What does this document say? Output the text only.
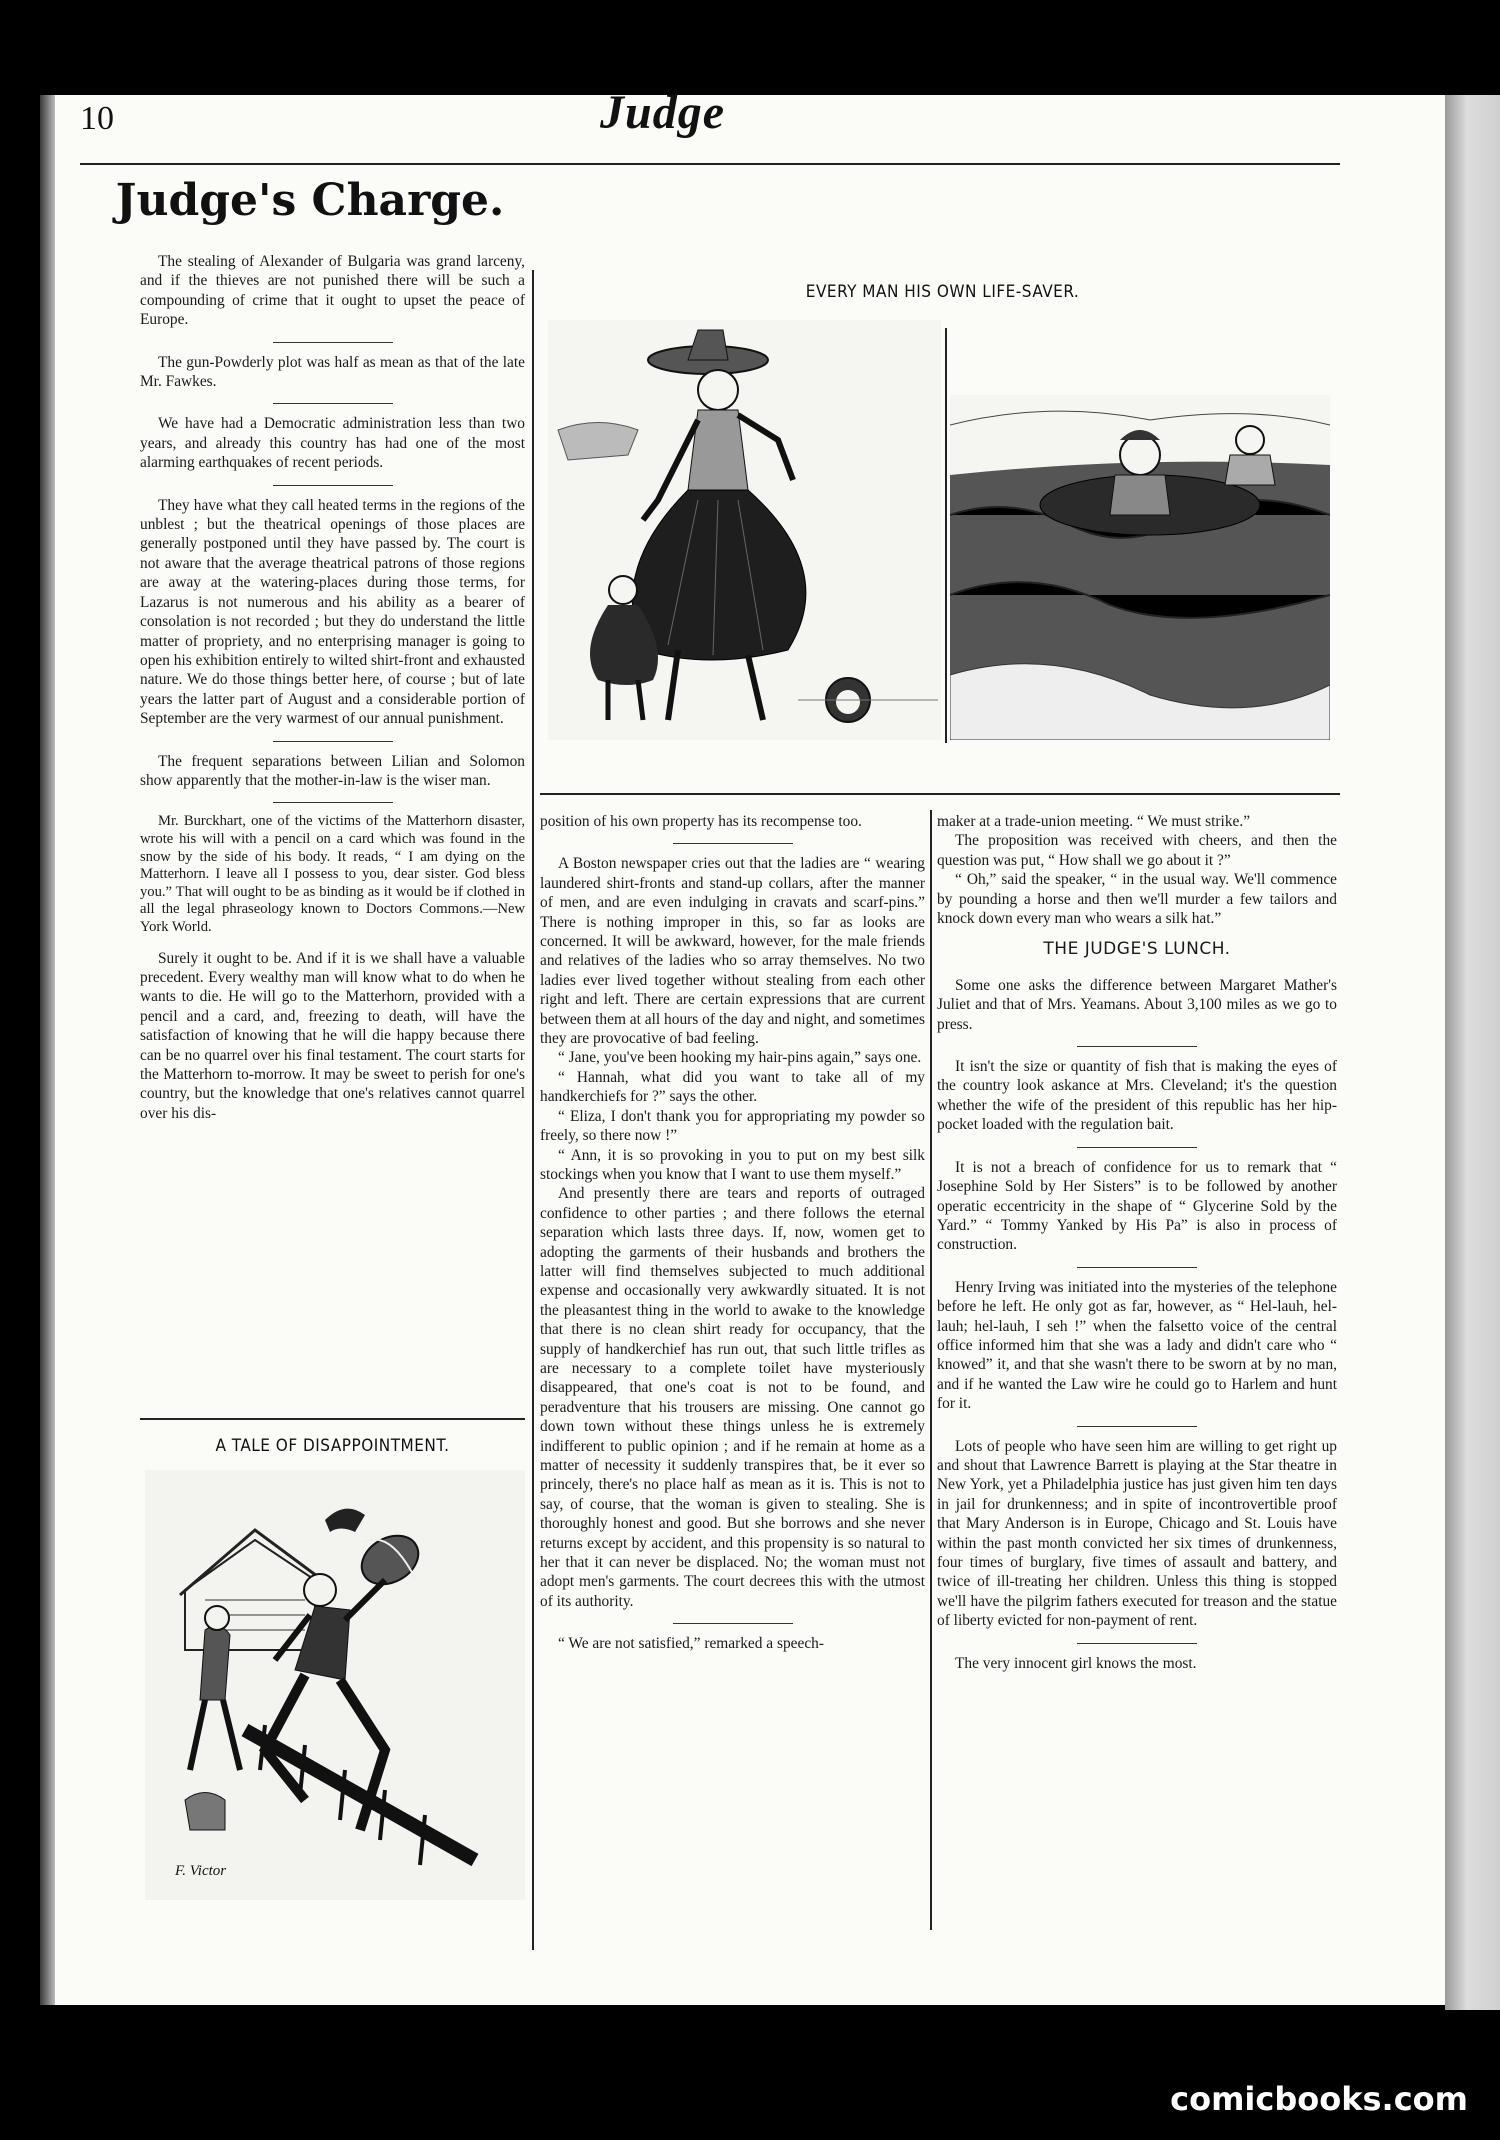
10	Judge
Judge's Charge.

The stealing of Alexander of Bulgaria was grand larceny, and if the thieves are not punished there will be such a compounding of crime that it ought to upset the peace of Europe.

The gun-Powderly plot was half as mean as that of the late Mr. Fawkes.

We have had a Democratic administration less than two years, and already this country has had one of the most alarming earthquakes of recent periods.

They have what they call heated terms in the regions of the unblest ; but the theatrical openings of those places are generally postponed until they have passed by. The court is not aware that the average theatrical patrons of those regions are away at the watering-places during those terms, for Lazarus is not numerous and his ability as a bearer of consolation is not recorded ; but they do understand the little matter of propriety, and no enterprising manager is going to open his exhibition entirely to wilted shirt-front and exhausted nature. We do those things better here, of course ; but of late years the latter part of August and a considerable portion of September are the very warmest of our annual punishment.

The frequent separations between Lilian and Solomon show apparently that the mother-in-law is the wiser man.

Mr. Burckhart, one of the victims of the Matterhorn disaster, wrote his will with a pencil on a card which was found in the snow by the side of his body. It reads, “ I am dying on the Matterhorn. I leave all I possess to you, dear sister. God bless you.” That will ought to be as binding as it would be if clothed in all the legal phraseology known to Doctors Commons.—New York World.

Surely it ought to be. And if it is we shall have a valuable precedent. Every wealthy man will know what to do when he wants to die. He will go to the Matterhorn, provided with a pencil and a card, and, freezing to death, will have the satisfaction of knowing that he will die happy because there can be no quarrel over his final testament. The court starts for the Matterhorn to-morrow. It may be sweet to perish for one's country, but the knowledge that one's relatives cannot quarrel over his dis-

A TALE OF DISAPPOINTMENT.
F. Victor
EVERY MAN HIS OWN LIFE-SAVER.

position of his own property has its recompense too.

A Boston newspaper cries out that the ladies are “ wearing laundered shirt-fronts and stand-up collars, after the manner of men, and are even indulging in cravats and scarf-pins.” There is nothing improper in this, so far as looks are concerned. It will be awkward, however, for the male friends and relatives of the ladies who so array themselves. No two ladies ever lived together without stealing from each other right and left. There are certain expressions that are current between them at all hours of the day and night, and sometimes they are provocative of bad feeling.

“ Jane, you've been hooking my hair-pins again,” says one.

“ Hannah, what did you want to take all of my handkerchiefs for ?” says the other.

“ Eliza, I don't thank you for appropriating my powder so freely, so there now !”

“ Ann, it is so provoking in you to put on my best silk stockings when you know that I want to use them myself.”

And presently there are tears and reports of outraged confidence to other parties ; and there follows the eternal separation which lasts three days. If, now, women get to adopting the garments of their husbands and brothers the latter will find themselves subjected to much additional expense and occasionally very awkwardly situated. It is not the pleasantest thing in the world to awake to the knowledge that there is no clean shirt ready for occupancy, that the supply of handkerchief has run out, that such little trifles as are necessary to a complete toilet have mysteriously disappeared, that one's coat is not to be found, and peradventure that his trousers are missing. One cannot go down town without these things unless he is extremely indifferent to public opinion ; and if he remain at home as a matter of necessity it suddenly transpires that, be it ever so princely, there's no place half as mean as it is. This is not to say, of course, that the woman is given to stealing. She is thoroughly honest and good. But she borrows and she never returns except by accident, and this propensity is so natural to her that it can never be displaced. No; the woman must not adopt men's garments. The court decrees this with the utmost of its authority.

“ We are not satisfied,” remarked a speech-

maker at a trade-union meeting. “ We must strike.”

The proposition was received with cheers, and then the question was put, “ How shall we go about it ?”

“ Oh,” said the speaker, “ in the usual way. We'll commence by pounding a horse and then we'll murder a few tailors and knock down every man who wears a silk hat.”

THE JUDGE'S LUNCH.

Some one asks the difference between Margaret Mather's Juliet and that of Mrs. Yeamans. About 3,100 miles as we go to press.

It isn't the size or quantity of fish that is making the eyes of the country look askance at Mrs. Cleveland; it's the question whether the wife of the president of this republic has her hip-pocket loaded with the regulation bait.

It is not a breach of confidence for us to remark that “ Josephine Sold by Her Sisters” is to be followed by another operatic eccentricity in the shape of “ Glycerine Sold by the Yard.” “ Tommy Yanked by His Pa” is also in process of construction.

Henry Irving was initiated into the mysteries of the telephone before he left. He only got as far, however, as “ Hel-lauh, hel-lauh; hel-lauh, I seh !” when the falsetto voice of the central office informed him that she was a lady and didn't care who “ knowed” it, and that she wasn't there to be sworn at by no man, and if he wanted the Law wire he could go to Harlem and hunt for it.

Lots of people who have seen him are willing to get right up and shout that Lawrence Barrett is playing at the Star theatre in New York, yet a Philadelphia justice has just given him ten days in jail for drunkenness; and in spite of incontrovertible proof that Mary Anderson is in Europe, Chicago and St. Louis have within the past month convicted her six times of drunkenness, four times of burglary, five times of assault and battery, and twice of ill-treating her children. Unless this thing is stopped we'll have the pilgrim fathers executed for treason and the statue of liberty evicted for non-payment of rent.

The very innocent girl knows the most.

comicbooks.com
